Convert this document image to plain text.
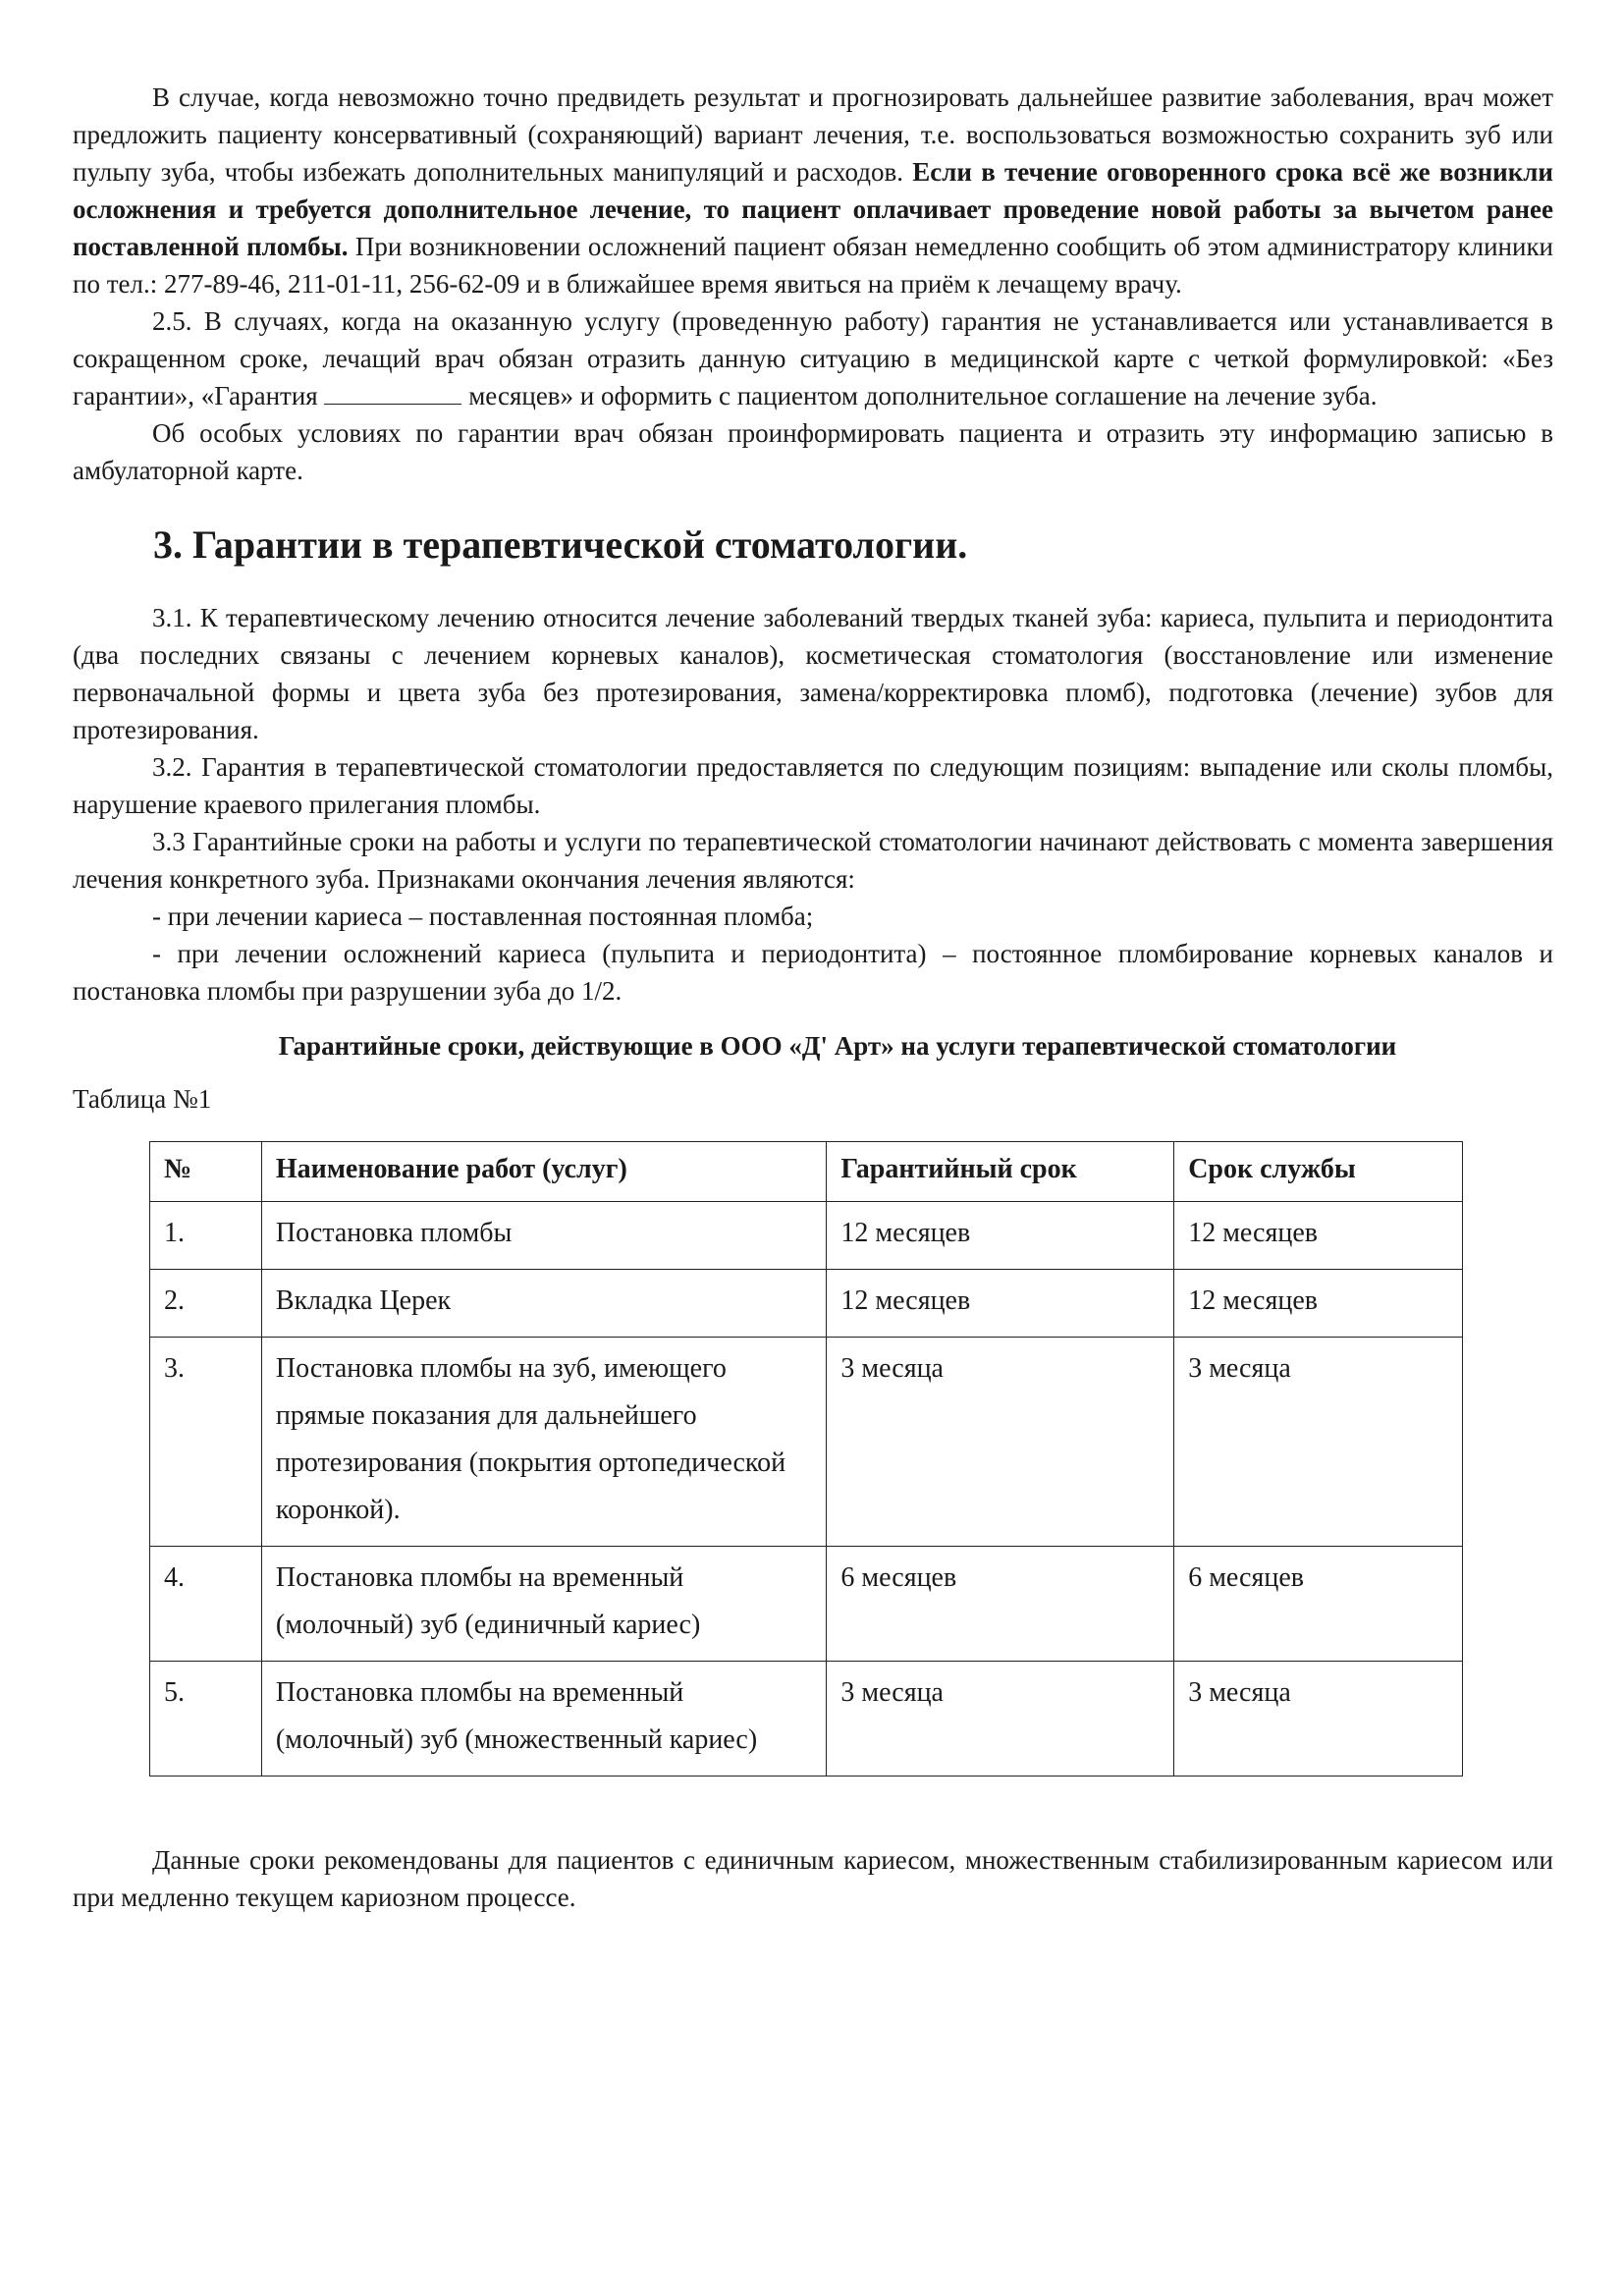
В случае, когда невозможно точно предвидеть результат и прогнозировать дальнейшее развитие заболевания, врач может предложить пациенту консервативный (сохраняющий) вариант лечения, т.е. воспользоваться возможностью сохранить зуб или пульпу зуба, чтобы избежать дополнительных манипуляций и расходов. Если в течение оговоренного срока всё же возникли осложнения и требуется дополнительное лечение, то пациент оплачивает проведение новой работы за вычетом ранее поставленной пломбы. При возникновении осложнений пациент обязан немедленно сообщить об этом администратору клиники по тел.: 277-89-46, 211-01-11, 256-62-09 и в ближайшее время явиться на приём к лечащему врачу.

2.5. В случаях, когда на оказанную услугу (проведенную работу) гарантия не устанавливается или устанавливается в сокращенном сроке, лечащий врач обязан отразить данную ситуацию в медицинской карте с четкой формулировкой: «Без гарантии», «Гарантия	месяцев» и оформить с пациентом дополнительное соглашение на лечение зуба.

Об особых условиях по гарантии врач обязан проинформировать пациента и отразить эту информацию записью в амбулаторной карте.

3. Гарантии в терапевтической стоматологии.

3.1. К терапевтическому лечению относится лечение заболеваний твердых тканей зуба: кариеса, пульпита и периодонтита (два последних связаны с лечением корневых каналов), косметическая стоматология (восстановление или изменение первоначальной формы и цвета зуба без протезирования, замена/корректировка пломб), подготовка (лечение) зубов для протезирования.

3.2. Гарантия в терапевтической стоматологии предоставляется по следующим позициям: выпадение или сколы пломбы, нарушение краевого прилегания пломбы.

3.3 Гарантийные сроки на работы и услуги по терапевтической стоматологии начинают действовать с момента завершения лечения конкретного зуба. Признаками окончания лечения являются:

- при лечении кариеса – поставленная постоянная пломба;

- при лечении осложнений кариеса (пульпита и периодонтита) – постоянное пломбирование корневых каналов и постановка пломбы при разрушении зуба до 1/2.

Гарантийные сроки, действующие в ООО «Д' Арт» на услуги терапевтической стоматологии
Таблица №1
№	Наименование работ (услуг)	Гарантийный срок	Срок службы
1.	Постановка пломбы	12 месяцев	12 месяцев
2.	Вкладка Церек	12 месяцев	12 месяцев
3.	Постановка пломбы на зуб, имеющего прямые показания для дальнейшего протезирования (покрытия ортопедической коронкой).	3 месяца	3 месяца
4.	Постановка пломбы на временный (молочный) зуб (единичный кариес)	6 месяцев	6 месяцев
5.	Постановка пломбы на временный (молочный) зуб (множественный кариес)	3 месяца	3 месяца

Данные сроки рекомендованы для пациентов с единичным кариесом, множественным стабилизированным кариесом или при медленно текущем кариозном процессе.
